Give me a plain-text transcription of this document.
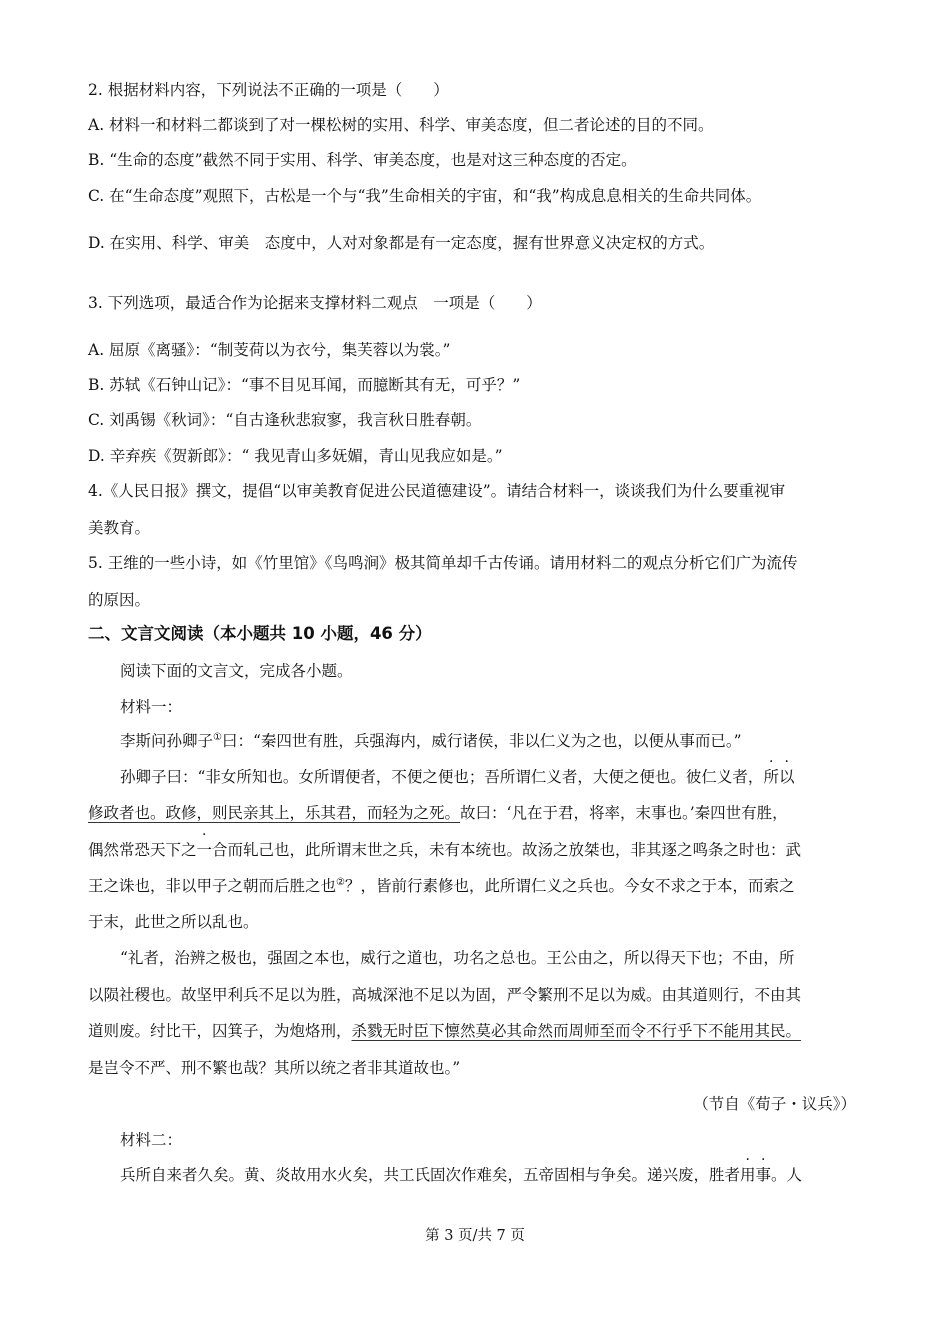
2. 根据材料内容，下列说法不正确的一项是（　　）
A. 材料一和材料二都谈到了对一棵松树的实用、科学、审美态度，但二者论述的目的不同。
B. “生命的态度”截然不同于实用、科学、审美态度，也是对这三种态度的否定。
C. 在“生命态度”观照下，古松是一个与“我”生命相关的宇宙，和“我”构成息息相关的生命共同体。
D. 在实用、科学、审美　态度中，人对对象都是有一定态度，握有世界意义决定权的方式。
3. 下列选项，最适合作为论据来支撑材料二观点　一项是（　　）
A. 屈原《离骚》：“制芰荷以为衣兮，集芙蓉以为裳。”
B. 苏轼《石钟山记》：“事不目见耳闻，而臆断其有无，可乎？”
C. 刘禹锡《秋词》：“自古逢秋悲寂寥，我言秋日胜春朝。
D. 辛弃疾《贺新郎》：“ 我见青山多妩媚，青山见我应如是。”
4.《人民日报》撰文，提倡“以审美教育促进公民道德建设”。请结合材料一，谈谈我们为什么要重视审
美教育。
5. 王维的一些小诗，如《竹里馆》《鸟鸣涧》极其简单却千古传诵。请用材料二的观点分析它们广为流传
的原因。
二、文言文阅读（本小题共 10 小题，46 分）
阅读下面的文言文，完成各小题。
材料一：
李斯问孙卿子①曰：“秦四世有胜，兵强海内，威行诸侯，非以仁义为之也，以便从事而已。”
孙卿子曰：“非女所知也。女所谓便者，不便之便也；吾所谓仁义者，大便之便也。彼仁义者，所以
修政者也。政修，则民亲其上，乐其君，而轻为之死。故曰：‘凡在于君，将率，末事也。’秦四世有胜，
偶然常恐天下之一合而轧己也，此所谓末世之兵，未有本统也。故汤之放桀也，非其逐之鸣条之时也：武
王之诛也，非以甲子之朝而后胜之也②？，皆前行素修也，此所谓仁义之兵也。今女不求之于本，而索之
于末，此世之所以乱也。
“礼者，治辨之极也，强固之本也，威行之道也，功名之总也。王公由之，所以得天下也；不由，所
以陨社稷也。故坚甲利兵不足以为胜，高城深池不足以为固，严令繁刑不足以为威。由其道则行，不由其
道则废。纣比干，囚箕子，为炮烙刑，杀戮无时臣下懔然莫必其命然而周师至而令不行乎下不能用其民。
是岂令不严、刑不繁也哉？其所以统之者非其道故也。”
（节自《荀子・议兵》）
材料二：
兵所自来者久矣。黄、炎故用水火矣，共工氏固次作难矣，五帝固相与争矣。递兴废，胜者用事。人
第 3 页/共 7 页
